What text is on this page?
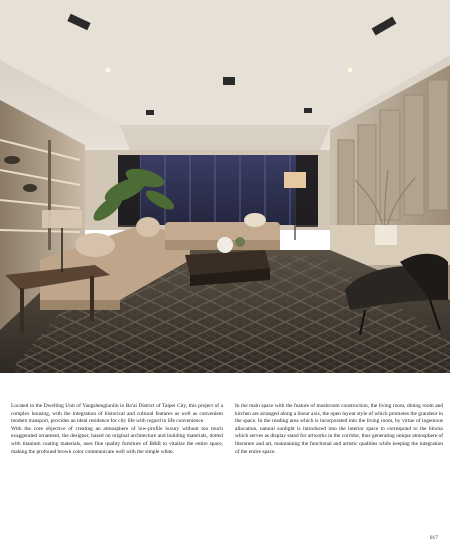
Located in the Dwelling Unit of Yangshengiunlin in Bo'ai District of Taipei City, this project of a complex housing, with the integration of historical and cultural features as well as convenient modern transport, provides an ideal residence for city life with regard to life convenience.

With the core objective of creating an atmosphere of low-profile luxury without too much exaggerated ornament, the designer, based on original architecture and building materials, dotted with titanium coating materials, uses fine quality furniture of B&B to vitalize the entire space, making the profound brown color communicate well with the simple white.

In the main space with the feature of mushroom construction, the living room, dining room and kitchen are arranged along a linear axis, the open layout style of which promotes the grandeur in the space. In the reading area which is incorporated into the living room, by virtue of ingenious allocation, natural sunlight is introduced into the interior space to correspond to the blocks which serves as display stand for artworks in the corridor, thus generating unique atmosphere of literature and art, maintaining the functional and artistic qualities while keeping the integration of the entire space.

017
